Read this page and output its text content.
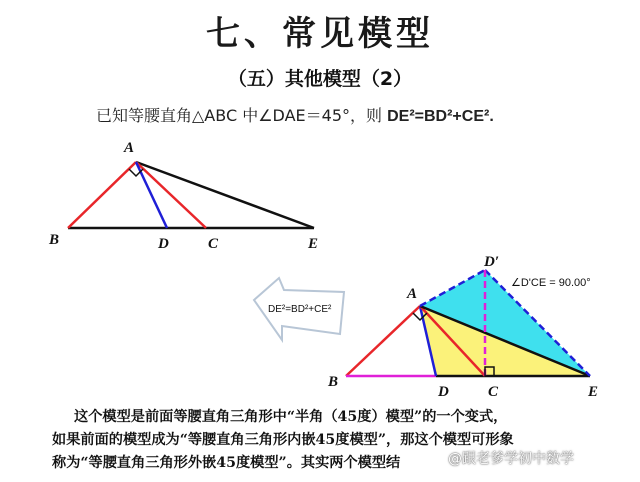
七、常见模型
（五）其他模型（2）
已知等腰直角△ABC 中∠DAE＝45°，则 DE²=BD²+CE².
A
B	D	C	E
DE²=BD²+CE²
A
D′
B
D	C	E
∠D'CE = 90.00°
这个模型是前面等腰直角三角形中“半角（45度）模型”的一个变式，
如果前面的模型成为“等腰直角三角形内嵌45度模型”，那这个模型可形象
称为“等腰直角三角形外嵌45度模型”。其实两个模型结	@跟老爹学初中数学
